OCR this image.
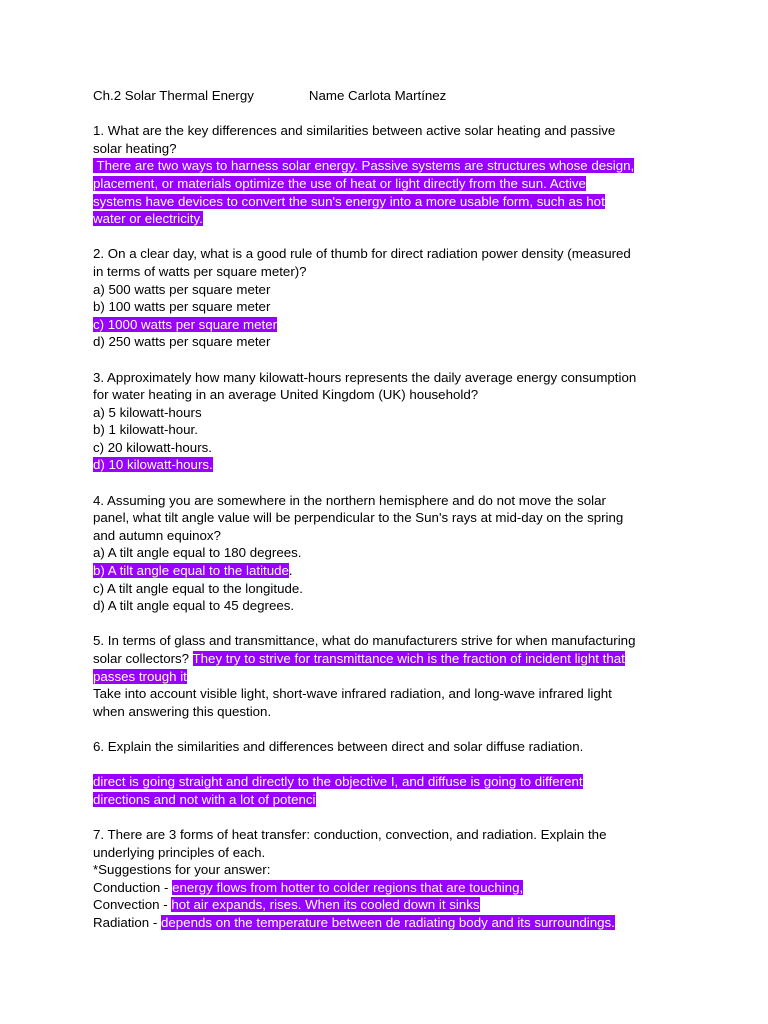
Ch.2 Solar Thermal Energy	Name Carlota Martínez
1. What are the key differences and similarities between active solar heating and passive
solar heating?
There are two ways to harness solar energy. Passive systems are structures whose design,
placement, or materials optimize the use of heat or light directly from the sun. Active
systems have devices to convert the sun's energy into a more usable form, such as hot
water or electricity.
2. On a clear day, what is a good rule of thumb for direct radiation power density (measured
in terms of watts per square meter)?
a) 500 watts per square meter
b) 100 watts per square meter
c) 1000 watts per square meter
d) 250 watts per square meter
3. Approximately how many kilowatt-hours represents the daily average energy consumption
for water heating in an average United Kingdom (UK) household?
a) 5 kilowatt-hours
b) 1 kilowatt-hour.
c) 20 kilowatt-hours.
d) 10 kilowatt-hours.
4. Assuming you are somewhere in the northern hemisphere and do not move the solar
panel, what tilt angle value will be perpendicular to the Sun's rays at mid-day on the spring
and autumn equinox?
a) A tilt angle equal to 180 degrees.
b) A tilt angle equal to the latitude.
c) A tilt angle equal to the longitude.
d) A tilt angle equal to 45 degrees.
5. In terms of glass and transmittance, what do manufacturers strive for when manufacturing
solar collectors? They try to strive for transmittance wich is the fraction of incident light that
passes trough it
Take into account visible light, short-wave infrared radiation, and long-wave infrared light
when answering this question.
6. Explain the similarities and differences between direct and solar diffuse radiation.
direct is going straight and directly to the objective I, and diffuse is going to different
directions and not with a lot of potenci
7. There are 3 forms of heat transfer: conduction, convection, and radiation. Explain the
underlying principles of each.
*Suggestions for your answer:
Conduction - energy flows from hotter to colder regions that are touching,
Convection - hot air expands, rises. When its cooled down it sinks
Radiation - depends on the temperature between de radiating body and its surroundings.
